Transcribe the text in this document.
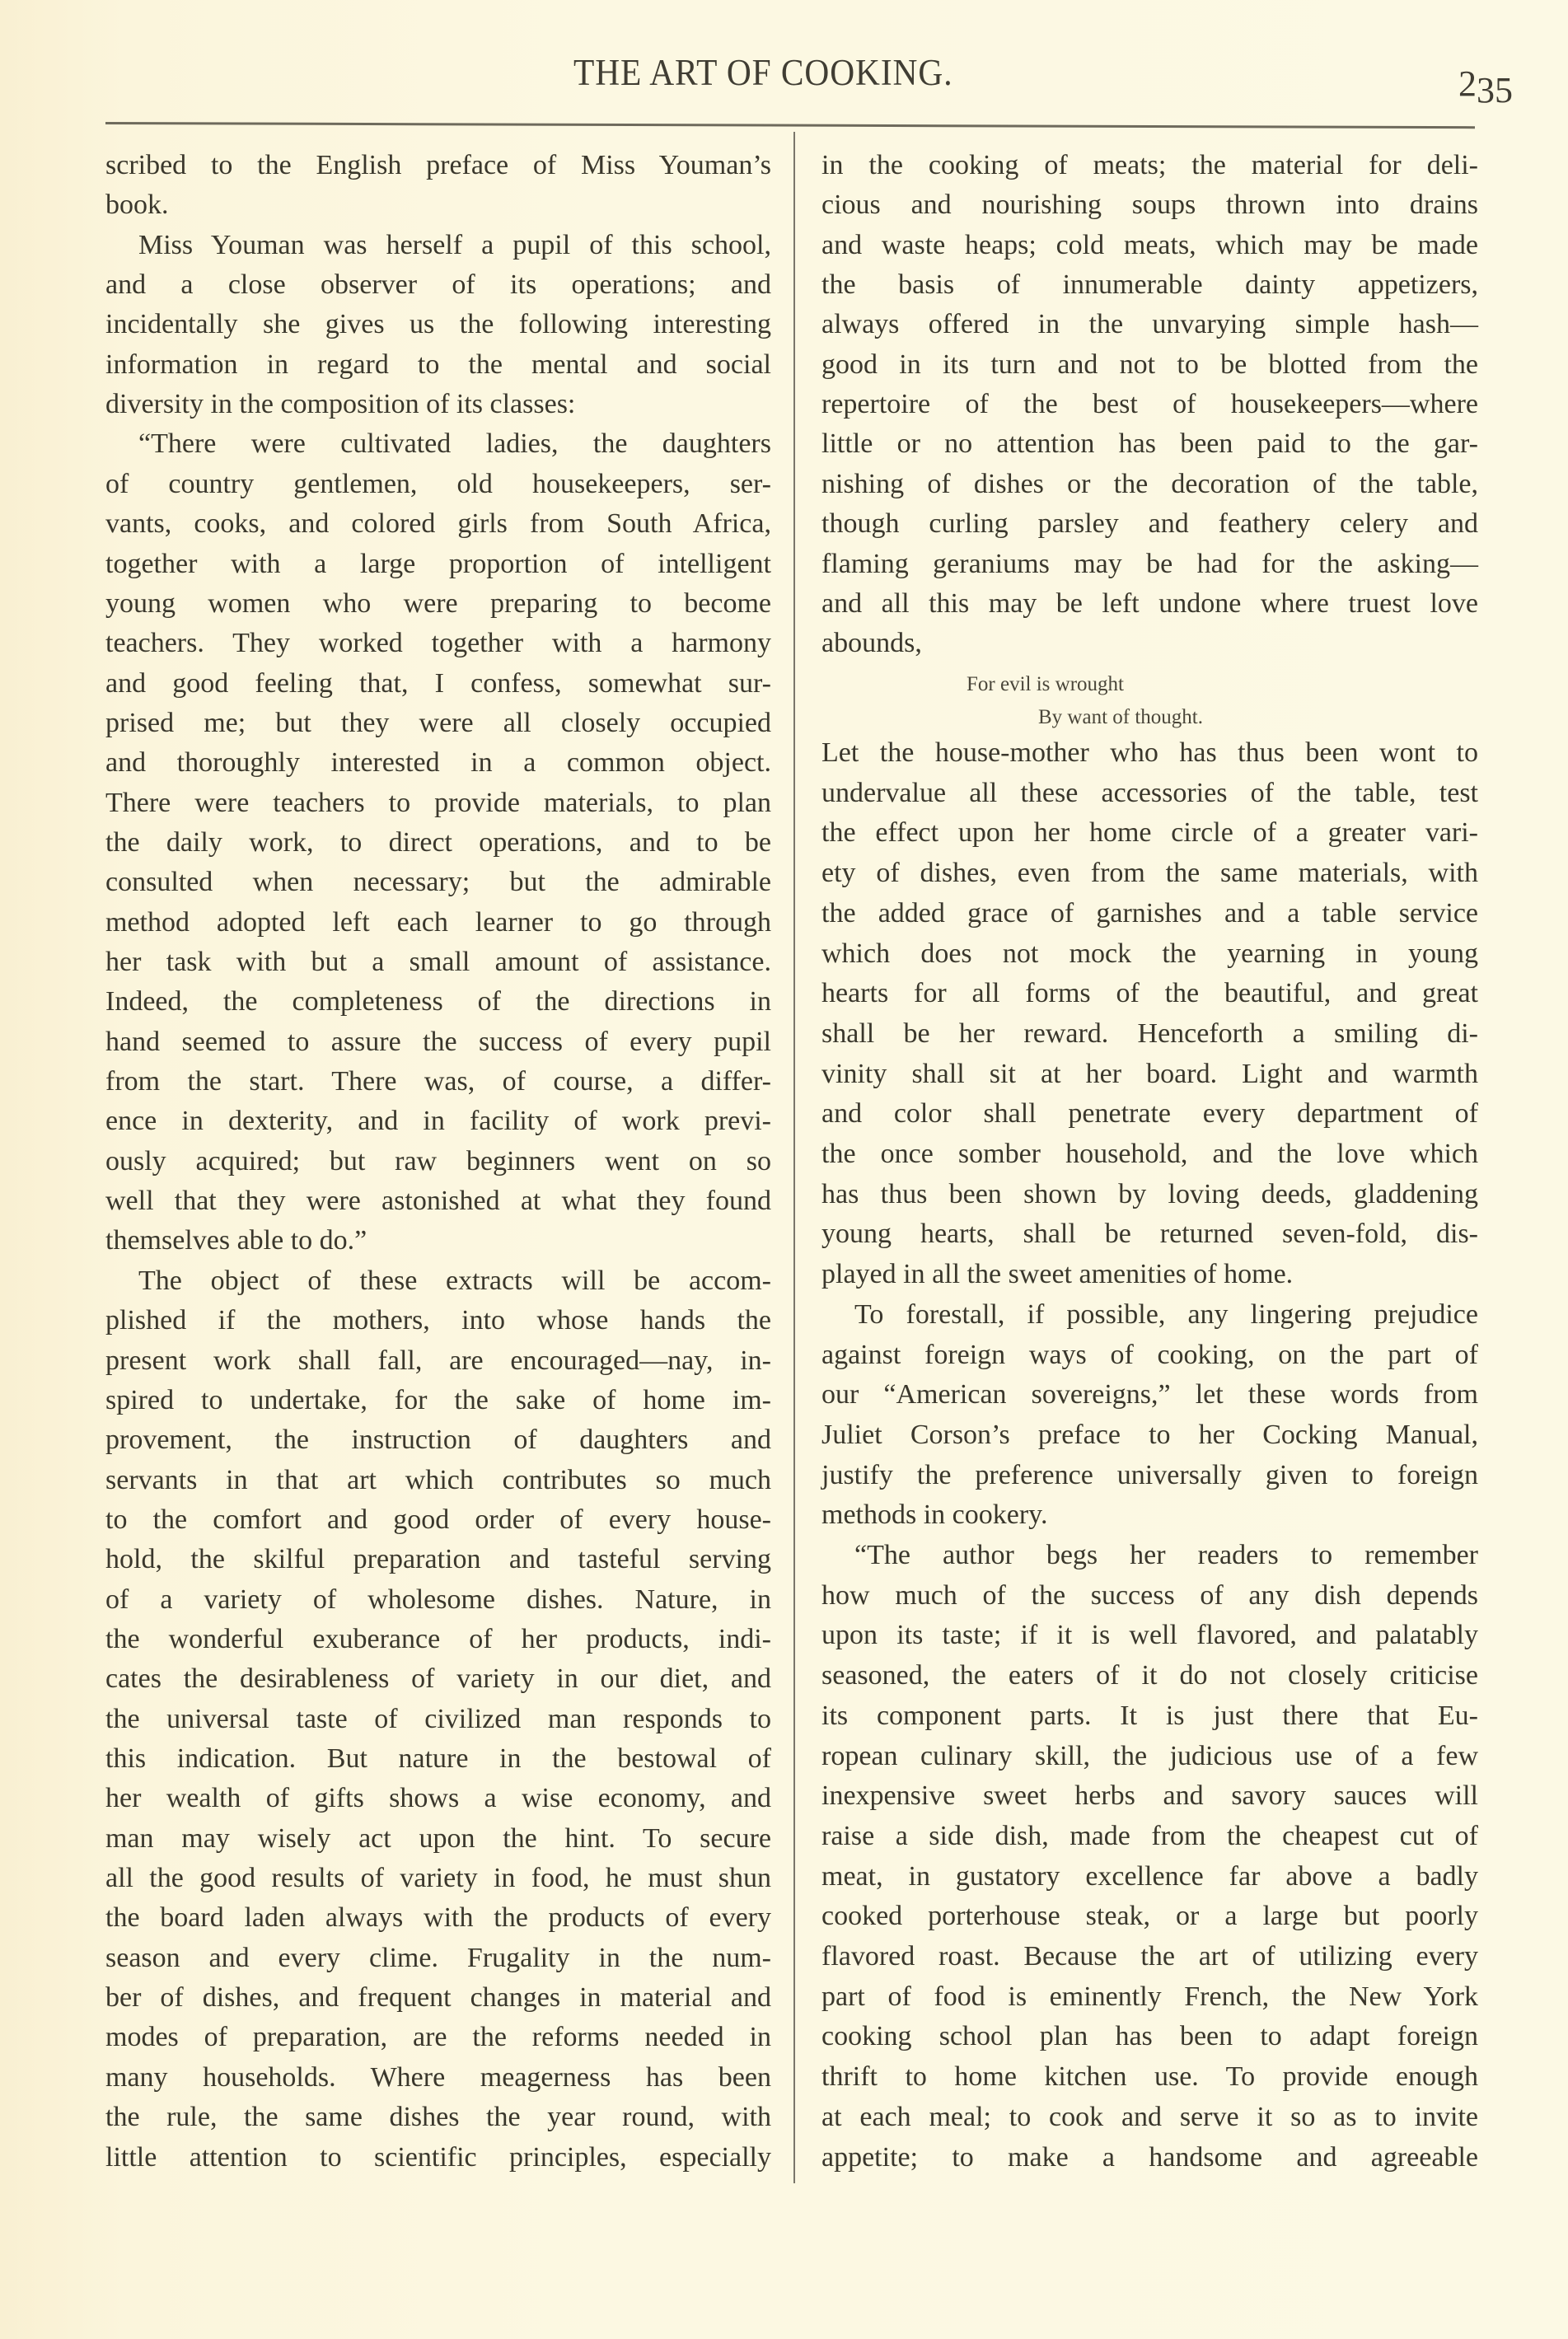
THE ART OF COOKING.	235
scribed to the English preface of Miss Youman’s
book.
Miss Youman was herself a pupil of this school,
and a close observer of its operations; and
incidentally she gives us the following interesting
information in regard to the mental and social
diversity in the composition of its classes:
“There were cultivated ladies, the daughters
of country gentlemen, old housekeepers, ser-
vants, cooks, and colored girls from South Africa,
together with a large proportion of intelligent
young women who were preparing to become
teachers. They worked together with a harmony
and good feeling that, I confess, somewhat sur-
prised me; but they were all closely occupied
and thoroughly interested in a common object.
There were teachers to provide materials, to plan
the daily work, to direct operations, and to be
consulted when necessary; but the admirable
method adopted left each learner to go through
her task with but a small amount of assistance.
Indeed, the completeness of the directions in
hand seemed to assure the success of every pupil
from the start. There was, of course, a differ-
ence in dexterity, and in facility of work previ-
ously acquired; but raw beginners went on so
well that they were astonished at what they found
themselves able to do.”
The object of these extracts will be accom-
plished if the mothers, into whose hands the
present work shall fall, are encouraged—nay, in-
spired to undertake, for the sake of home im-
provement, the instruction of daughters and
servants in that art which contributes so much
to the comfort and good order of every house-
hold, the skilful preparation and tasteful serving
of a variety of wholesome dishes. Nature, in
the wonderful exuberance of her products, indi-
cates the desirableness of variety in our diet, and
the universal taste of civilized man responds to
this indication. But nature in the bestowal of
her wealth of gifts shows a wise economy, and
man may wisely act upon the hint. To secure
all the good results of variety in food, he must shun
the board laden always with the products of every
season and every clime. Frugality in the num-
ber of dishes, and frequent changes in material and
modes of preparation, are the reforms needed in
many households. Where meagerness has been
the rule, the same dishes the year round, with
little attention to scientific principles, especially
in the cooking of meats; the material for deli-
cious and nourishing soups thrown into drains
and waste heaps; cold meats, which may be made
the basis of innumerable dainty appetizers,
always offered in the unvarying simple hash—
good in its turn and not to be blotted from the
repertoire of the best of housekeepers—where
little or no attention has been paid to the gar-
nishing of dishes or the decoration of the table,
though curling parsley and feathery celery and
flaming geraniums may be had for the asking—
and all this may be left undone where truest love
abounds,
For evil is wrought
By want of thought.
Let the house-mother who has thus been wont to
undervalue all these accessories of the table, test
the effect upon her home circle of a greater vari-
ety of dishes, even from the same materials, with
the added grace of garnishes and a table service
which does not mock the yearning in young
hearts for all forms of the beautiful, and great
shall be her reward. Henceforth a smiling di-
vinity shall sit at her board. Light and warmth
and color shall penetrate every department of
the once somber household, and the love which
has thus been shown by loving deeds, gladdening
young hearts, shall be returned seven-fold, dis-
played in all the sweet amenities of home.
To forestall, if possible, any lingering prejudice
against foreign ways of cooking, on the part of
our “American sovereigns,” let these words from
Juliet Corson’s preface to her Cocking Manual,
justify the preference universally given to foreign
methods in cookery.
“The author begs her readers to remember
how much of the success of any dish depends
upon its taste; if it is well flavored, and palatably
seasoned, the eaters of it do not closely criticise
its component parts. It is just there that Eu-
ropean culinary skill, the judicious use of a few
inexpensive sweet herbs and savory sauces will
raise a side dish, made from the cheapest cut of
meat, in gustatory excellence far above a badly
cooked porterhouse steak, or a large but poorly
flavored roast. Because the art of utilizing every
part of food is eminently French, the New York
cooking school plan has been to adapt foreign
thrift to home kitchen use. To provide enough
at each meal; to cook and serve it so as to invite
appetite; to make a handsome and agreeable
